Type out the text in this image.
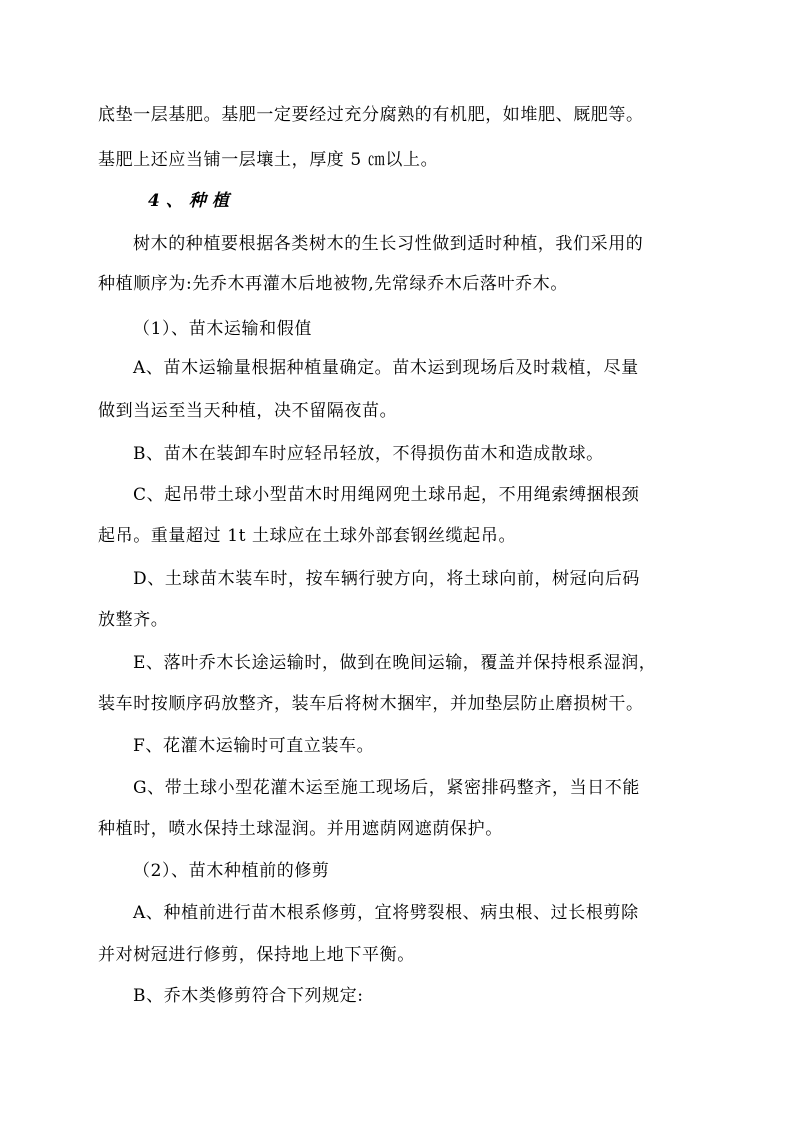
底垫一层基肥。基肥一定要经过充分腐熟的有机肥，如堆肥、厩肥等。
基肥上还应当铺一层壤土，厚度 5 ㎝以上。
4、种植
树木的种植要根据各类树木的生长习性做到适时种植，我们采用的
种植顺序为:先乔木再灌木后地被物,先常绿乔木后落叶乔木。
（1）、苗木运输和假值
A、苗木运输量根据种植量确定。苗木运到现场后及时栽植，尽量
做到当运至当天种植，决不留隔夜苗。
B、苗木在装卸车时应轻吊轻放，不得损伤苗木和造成散球。
C、起吊带土球小型苗木时用绳网兜土球吊起，不用绳索缚捆根颈
起吊。重量超过 1t 土球应在土球外部套钢丝缆起吊。
D、土球苗木装车时，按车辆行驶方向，将土球向前，树冠向后码
放整齐。
E、落叶乔木长途运输时，做到在晚间运输，覆盖并保持根系湿润，
装车时按顺序码放整齐，装车后将树木捆牢，并加垫层防止磨损树干。
F、花灌木运输时可直立装车。
G、带土球小型花灌木运至施工现场后，紧密排码整齐，当日不能
种植时，喷水保持土球湿润。并用遮荫网遮荫保护。
（2）、苗木种植前的修剪
A、种植前进行苗木根系修剪，宜将劈裂根、病虫根、过长根剪除
并对树冠进行修剪，保持地上地下平衡。
B、乔木类修剪符合下列规定:
